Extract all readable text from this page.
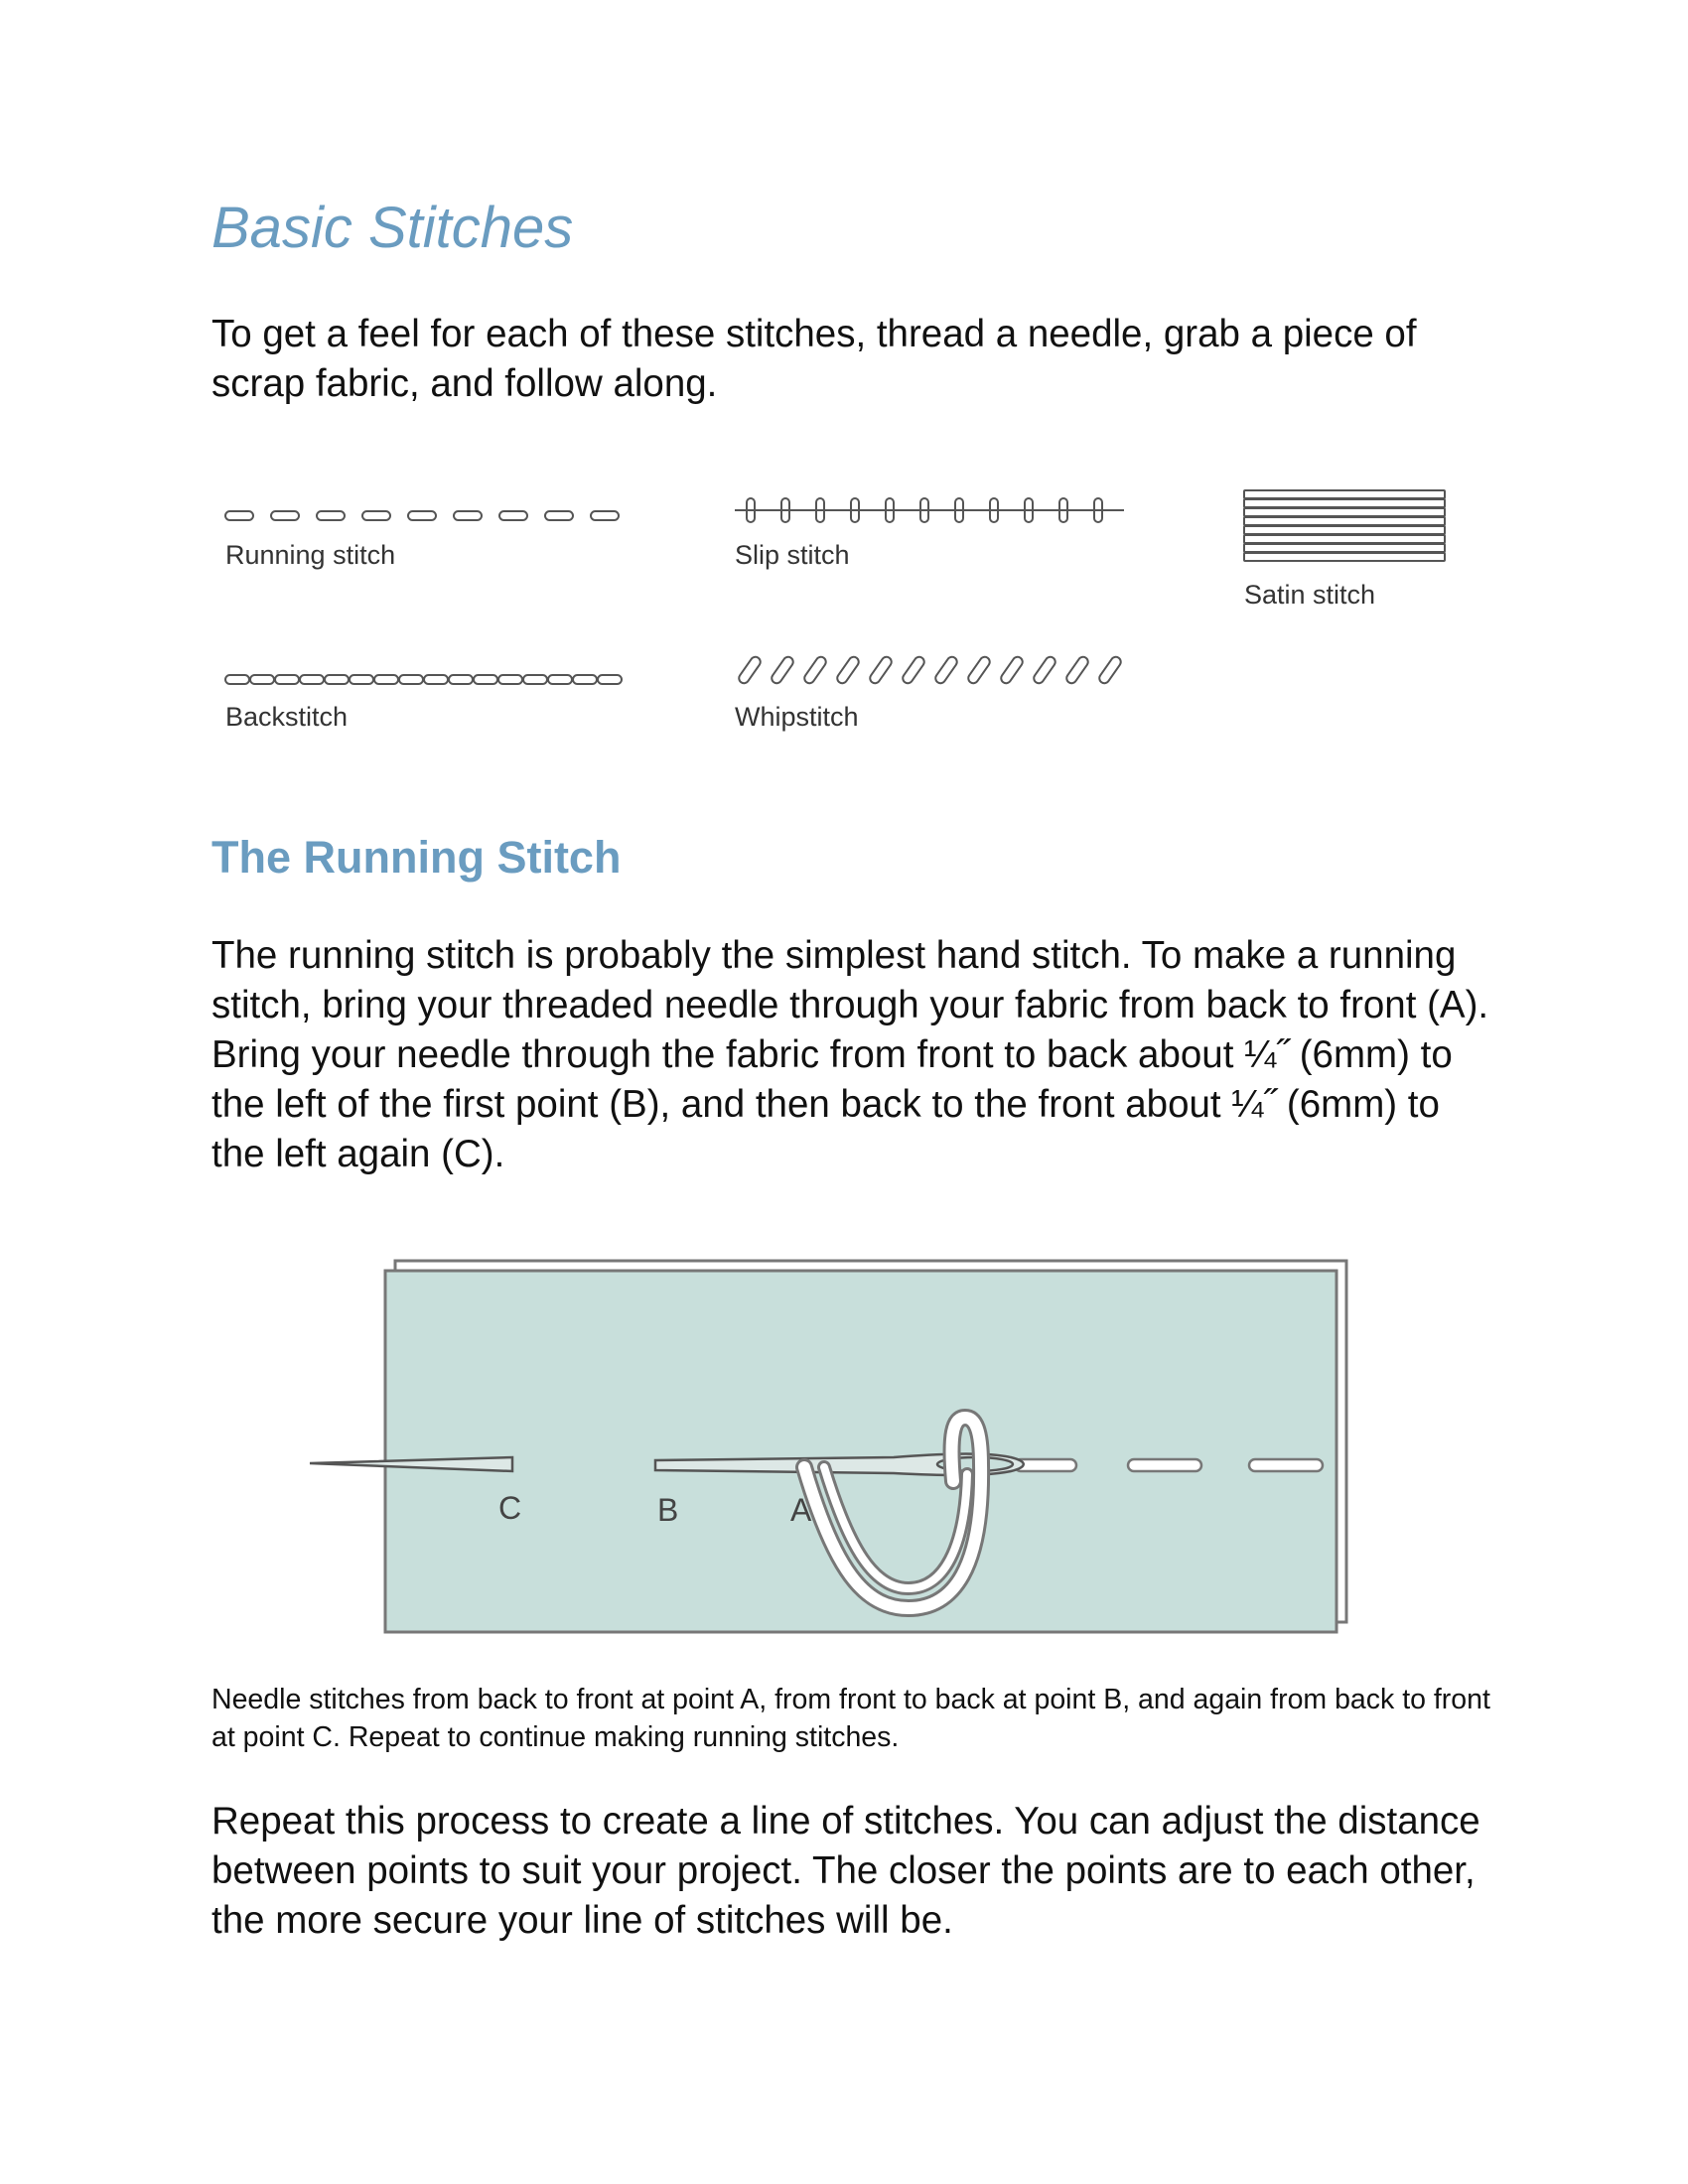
Basic Stitches

To get a feel for each of these stitches, thread a needle, grab a piece of scrap fabric, and follow along.

Running stitch	Slip stitch
Satin stitch
Backstitch	Whipstitch
The Running Stitch

The running stitch is probably the simplest hand stitch. To make a running stitch, bring your threaded needle through your fabric from back to front (A). Bring your needle through the fabric from front to back about ¼˝ (6mm) to the left of the first point (B), and then back to the front about ¼˝ (6mm) to the left again (C).

C	B	A

Needle stitches from back to front at point A, from front to back at point B, and again from back to front at point C. Repeat to continue making running stitches.

Repeat this process to create a line of stitches. You can adjust the distance between points to suit your project. The closer the points are to each other, the more secure your line of stitches will be.
